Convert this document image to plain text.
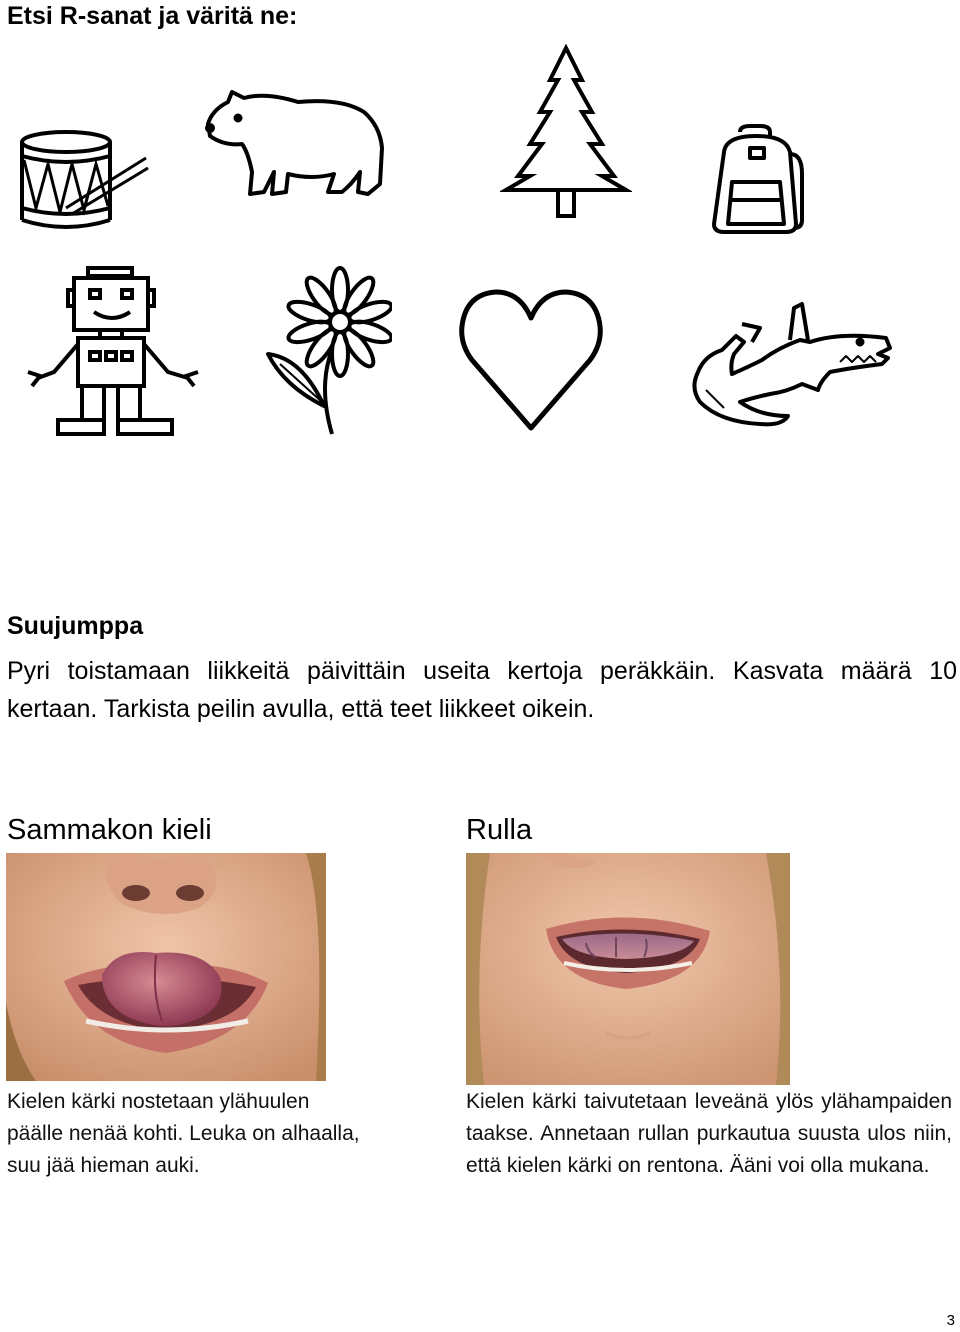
Etsi R-sanat ja väritä ne:
Suujumppa
Pyri toistamaan liikkeitä päivittäin useita kertoja peräkkäin. Kasvata määrä 10 kertaan. Tarkista peilin avulla, että teet liikkeet oikein.
Sammakon kieli
Kielen kärki nostetaan ylähuulen päälle nenää kohti. Leuka on alhaalla, suu jää hieman auki.
Rulla
Kielen kärki taivutetaan leveänä ylös ylähampaiden taakse. Annetaan rullan purkautua suusta ulos niin, että kielen kärki on rentona. Ääni voi olla mukana.
3
